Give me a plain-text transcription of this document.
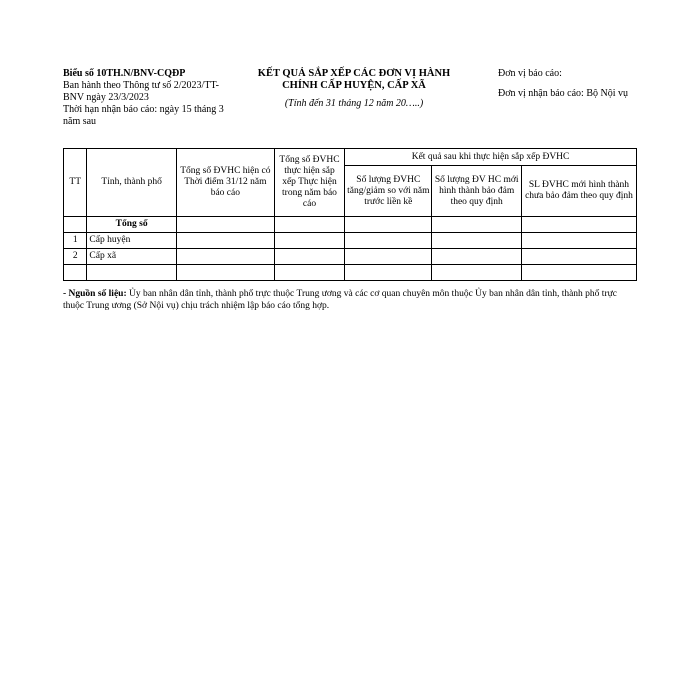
Biểu số 10TH.N/BNV-CQĐP
Ban hành theo Thông tư số 2/2023/TT-BNV ngày 23/3/2023
Thời hạn nhận báo cáo: ngày 15 tháng 3 năm sau
KẾT QUẢ SẮP XẾP CÁC ĐƠN VỊ HÀNH CHÍNH CẤP HUYỆN, CẤP XÃ
(Tính đến 31 tháng 12 năm 20…..)
Đơn vị báo cáo:
Đơn vị nhận báo cáo: Bộ Nội vụ
TT	Tỉnh, thành phố	Tổng số ĐVHC hiện có Thời điểm 31/12 năm báo cáo	Tổng số ĐVHC thực hiện sắp xếp Thực hiện trong năm báo cáo	Kết quả sau khi thực hiện sắp xếp ĐVHC		
				Số lượng ĐVHC tăng/giảm so với năm trước liền kề	Số lượng ĐV HC mới hình thành bảo đảm theo quy định	SL ĐVHC mới hình thành chưa bảo đảm theo quy định
	Tổng số					
1	Cấp huyện					
2	Cấp xã					

- Nguồn số liệu: Ủy ban nhân dân tỉnh, thành phố trực thuộc Trung ương và các cơ quan chuyên môn thuộc Ủy ban nhân dân tỉnh, thành phố trực thuộc Trung ương (Sở Nội vụ) chịu trách nhiệm lập báo cáo tổng hợp.
